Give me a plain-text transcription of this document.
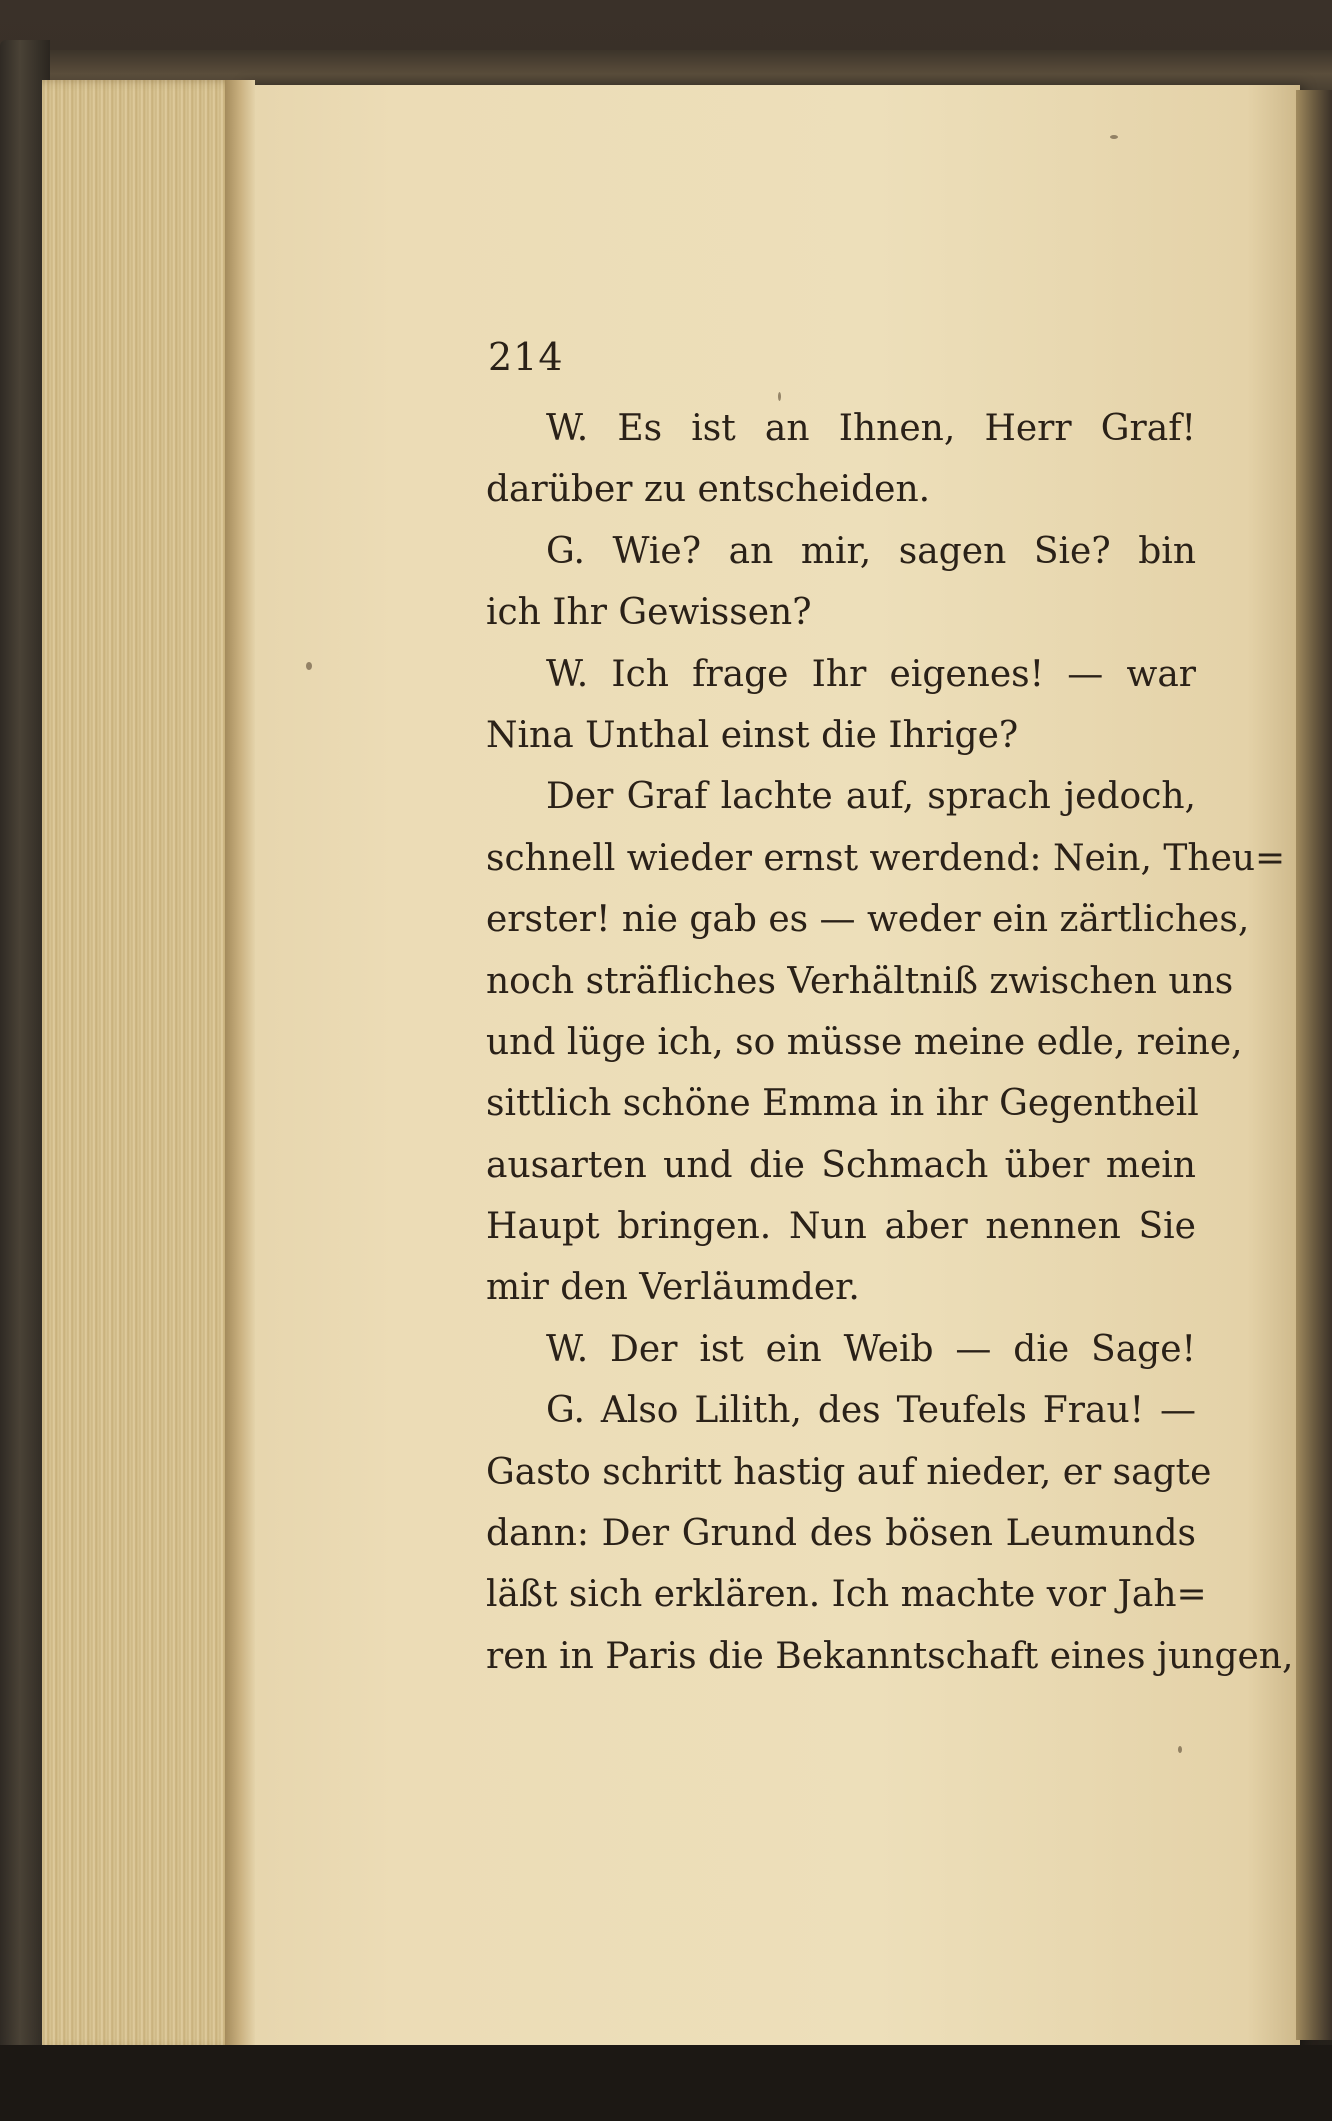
214
W. Es ist an Ihnen, Herr Graf!
darüber zu entscheiden.
G. Wie? an mir, sagen Sie? bin
ich Ihr Gewissen?
W. Ich frage Ihr eigenes! — war
Nina Unthal einst die Ihrige?
Der Graf lachte auf, sprach jedoch,
schnell wieder ernst werdend: Nein, Theu=
erster! nie gab es — weder ein zärtliches,
noch sträfliches Verhältniß zwischen uns
und lüge ich, so müsse meine edle, reine,
sittlich schöne Emma in ihr Gegentheil
ausarten und die Schmach über mein
Haupt bringen. Nun aber nennen Sie
mir den Verläumder.
W. Der ist ein Weib — die Sage!
G. Also Lilith, des Teufels Frau! —
Gasto schritt hastig auf nieder, er sagte
dann: Der Grund des bösen Leumunds
läßt sich erklären. Ich machte vor Jah=
ren in Paris die Bekanntschaft eines jungen,
